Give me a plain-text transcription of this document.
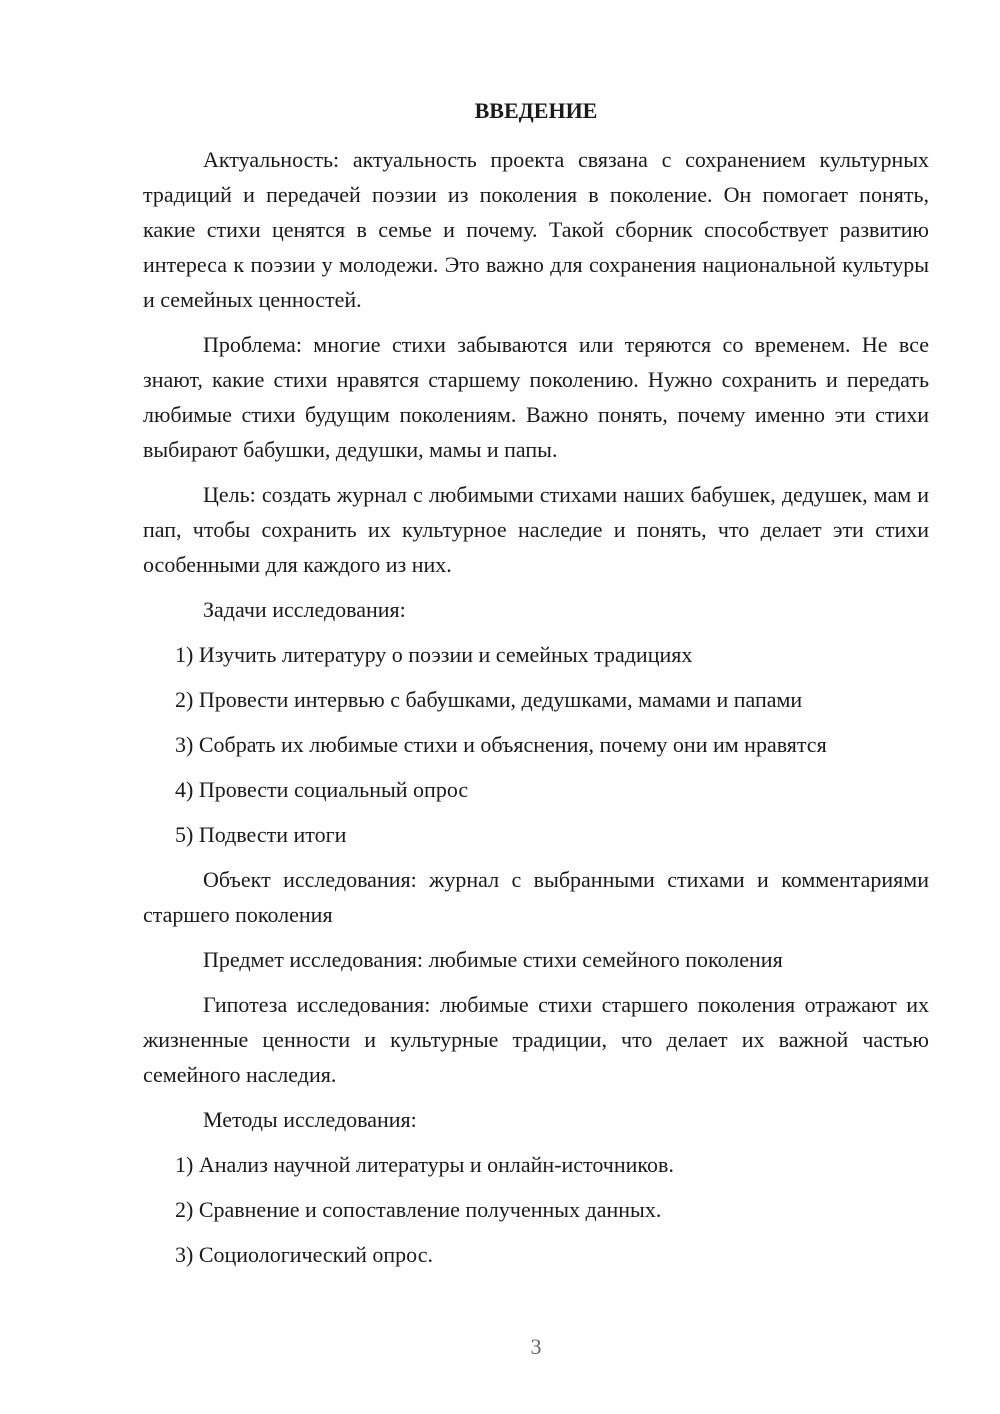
ВВЕДЕНИЕ
Актуальность: актуальность проекта связана с сохранением культурных традиций и передачей поэзии из поколения в поколение. Он помогает понять, какие стихи ценятся в семье и почему. Такой сборник способствует развитию интереса к поэзии у молодежи. Это важно для сохранения национальной культуры и семейных ценностей.
Проблема: многие стихи забываются или теряются со временем. Не все знают, какие стихи нравятся старшему поколению. Нужно сохранить и передать любимые стихи будущим поколениям. Важно понять, почему именно эти стихи выбирают бабушки, дедушки, мамы и папы.
Цель: создать журнал с любимыми стихами наших бабушек, дедушек, мам и пап, чтобы сохранить их культурное наследие и понять, что делает эти стихи особенными для каждого из них.
Задачи исследования:
1) Изучить литературу о поэзии и семейных традициях
2) Провести интервью с бабушками, дедушками, мамами и папами
3) Собрать их любимые стихи и объяснения, почему они им нравятся
4) Провести социальный опрос
5) Подвести итоги
Объект исследования: журнал с выбранными стихами и комментариями старшего поколения
Предмет исследования: любимые стихи семейного поколения
Гипотеза исследования: любимые стихи старшего поколения отражают их жизненные ценности и культурные традиции, что делает их важной частью семейного наследия.
Методы исследования:
1) Анализ научной литературы и онлайн-источников.
2) Сравнение и сопоставление полученных данных.
3) Социологический опрос.
3
